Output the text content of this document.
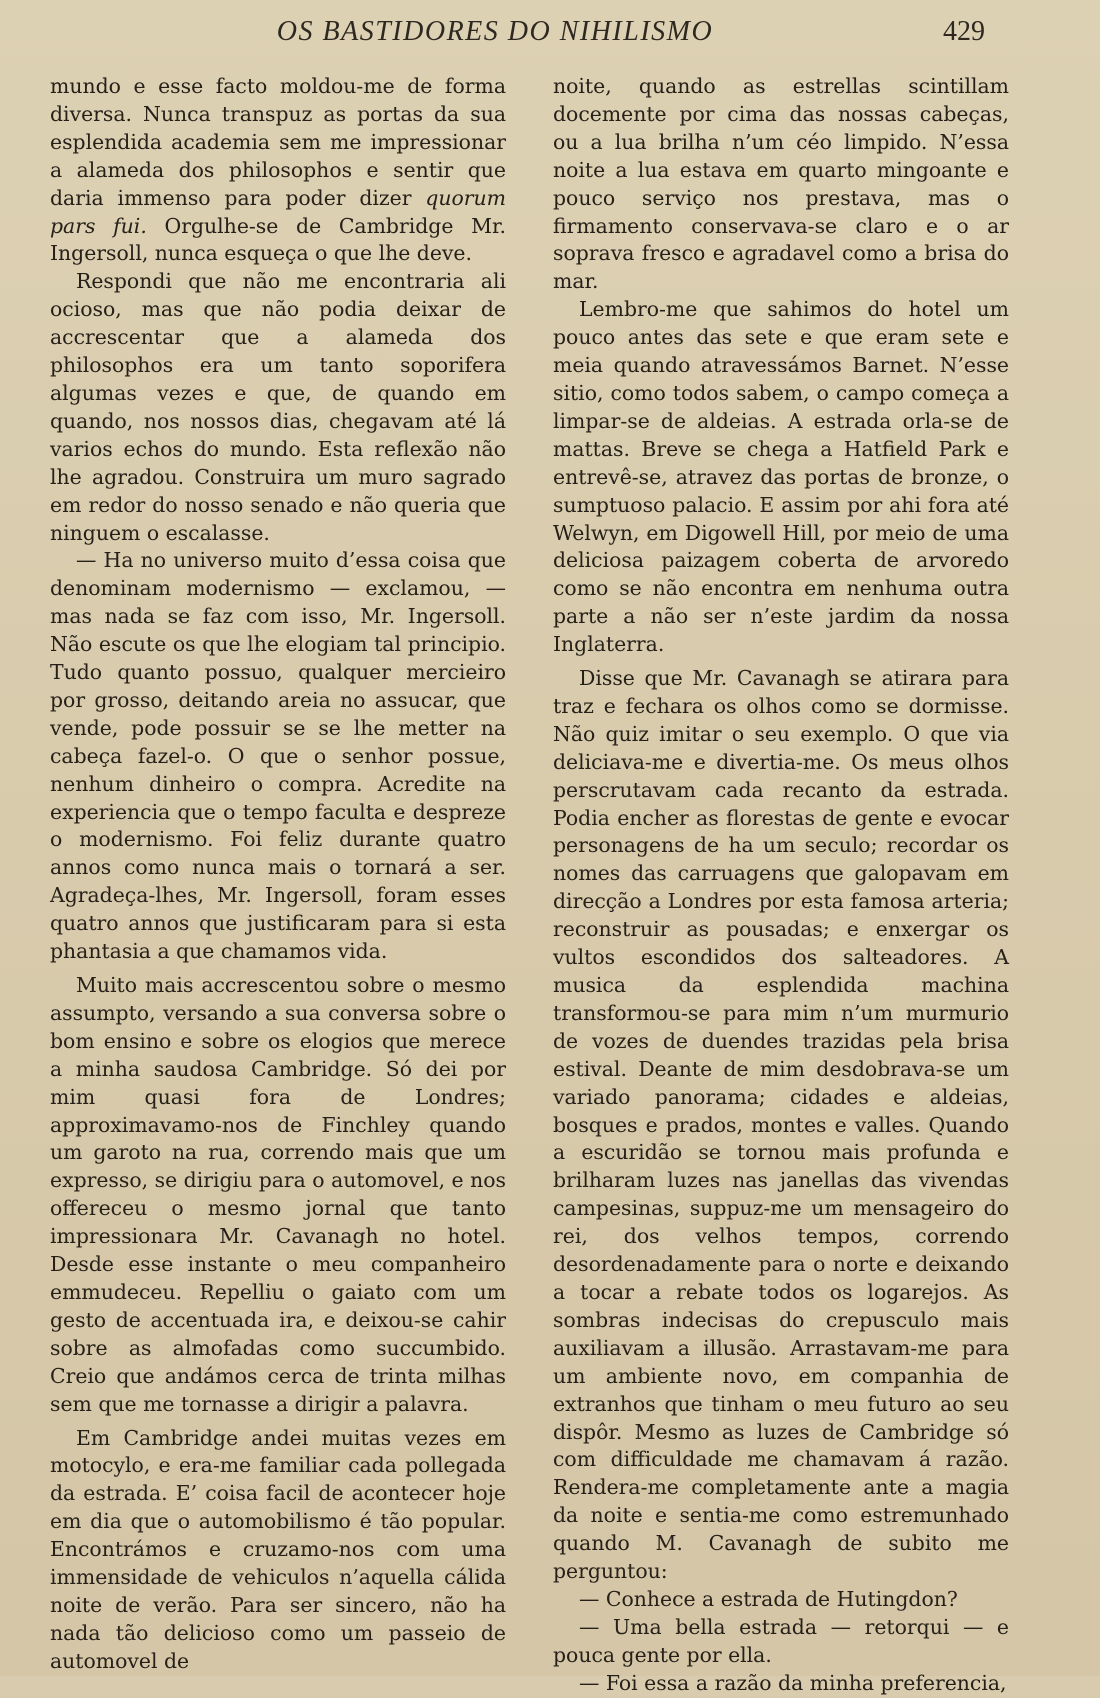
OS BASTIDORES DO NIHILISMO	429

mundo e esse facto moldou-me de forma diversa. Nunca transpuz as portas da sua esplendida academia sem me impressionar a alameda dos philosophos e sentir que daria immenso para poder dizer quorum pars fui. Orgulhe-se de Cambridge Mr. Ingersoll, nunca esqueça o que lhe deve.

Respondi que não me encontraria ali ocioso, mas que não podia deixar de accrescentar que a alameda dos philosophos era um tanto soporifera algumas vezes e que, de quando em quando, nos nossos dias, chegavam até lá varios echos do mundo. Esta reflexão não lhe agradou. Construira um muro sagrado em redor do nosso senado e não queria que ninguem o escalasse.

— Ha no universo muito d’essa coisa que denominam modernismo — exclamou, — mas nada se faz com isso, Mr. Ingersoll. Não escute os que lhe elogiam tal principio. Tudo quanto possuo, qualquer mercieiro por grosso, deitando areia no assucar, que vende, pode possuir se se lhe metter na cabeça fazel-o. O que o senhor possue, nenhum dinheiro o compra. Acredite na experiencia que o tempo faculta e despreze o modernismo. Foi feliz durante quatro annos como nunca mais o tornará a ser. Agradeça-lhes, Mr. Ingersoll, foram esses quatro annos que justificaram para si esta phantasia a que chamamos vida.

Muito mais accrescentou sobre o mesmo assumpto, versando a sua conversa sobre o bom ensino e sobre os elogios que merece a minha saudosa Cambridge. Só dei por mim quasi fora de Londres; approximavamo-nos de Finchley quando um garoto na rua, correndo mais que um expresso, se dirigiu para o automovel, e nos offereceu o mesmo jornal que tanto impressionara Mr. Cavanagh no hotel. Desde esse instante o meu companheiro emmudeceu. Repelliu o gaiato com um gesto de accentuada ira, e deixou-se cahir sobre as almofadas como succumbido. Creio que andámos cerca de trinta milhas sem que me tornasse a dirigir a palavra.

Em Cambridge andei muitas vezes em motocylo, e era-me familiar cada pollegada da estrada. E’ coisa facil de acontecer hoje em dia que o automobilismo é tão popular. Encontrámos e cruzamo-nos com uma immensidade de vehiculos n’aquella cálida noite de verão. Para ser sincero, não ha nada tão delicioso como um passeio de automovel de

noite, quando as estrellas scintillam docemente por cima das nossas cabeças, ou a lua brilha n’um céo limpido. N’essa noite a lua estava em quarto mingoante e pouco serviço nos prestava, mas o firmamento conservava-se claro e o ar soprava fresco e agradavel como a brisa do mar.

Lembro-me que sahimos do hotel um pouco antes das sete e que eram sete e meia quando atravessámos Barnet. N’esse sitio, como todos sabem, o campo começa a limpar-se de aldeias. A estrada orla-se de mattas. Breve se chega a Hatfield Park e entrevê-se, atravez das portas de bronze, o sumptuoso palacio. E assim por ahi fora até Welwyn, em Digowell Hill, por meio de uma deliciosa paizagem coberta de arvoredo como se não encontra em nenhuma outra parte a não ser n’este jardim da nossa Inglaterra.

Disse que Mr. Cavanagh se atirara para traz e fechara os olhos como se dormisse. Não quiz imitar o seu exemplo. O que via deliciava-me e divertia-me. Os meus olhos perscrutavam cada recanto da estrada. Podia encher as florestas de gente e evocar personagens de ha um seculo; recordar os nomes das carruagens que galopavam em direcção a Londres por esta famosa arteria; reconstruir as pousadas; e enxergar os vultos escondidos dos salteadores. A musica da esplendida machina transformou-se para mim n’um murmurio de vozes de duendes trazidas pela brisa estival. Deante de mim desdobrava-se um variado panorama; cidades e aldeias, bosques e prados, montes e valles. Quando a escuridão se tornou mais profunda e brilharam luzes nas janellas das vivendas campesinas, suppuz-me um mensageiro do rei, dos velhos tempos, correndo desordenadamente para o norte e deixando a tocar a rebate todos os logarejos. As sombras indecisas do crepusculo mais auxiliavam a illusão. Arrastavam-me para um ambiente novo, em companhia de extranhos que tinham o meu futuro ao seu dispôr. Mesmo as luzes de Cambridge só com difficuldade me chamavam á razão. Rendera-me completamente ante a magia da noite e sentia-me como estremunhado quando M. Cavanagh de subito me perguntou:

— Conhece a estrada de Hutingdon?

— Uma bella estrada — retorqui — e pouca gente por ella.

— Foi essa a razão da minha preferencia,
